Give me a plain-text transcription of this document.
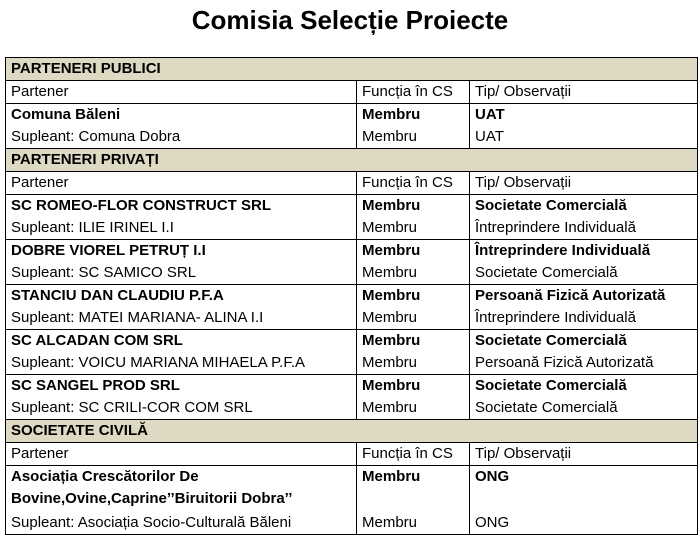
Comisia Selecție Proiecte
PARTENERI PUBLICI		
Partener	Funcția în CS	Tip/ Observații
Comuna Băleni	Membru	UAT
Supleant: Comuna Dobra	Membru	UAT
PARTENERI PRIVAȚI		
Partener	Funcția în CS	Tip/ Observații
SC ROMEO-FLOR CONSTRUCT SRL	Membru	Societate Comercială
Supleant: ILIE IRINEL I.I	Membru	Întreprindere Individuală
DOBRE VIOREL PETRUȚ I.I	Membru	Întreprindere Individuală
Supleant: SC SAMICO SRL	Membru	Societate Comercială
STANCIU DAN CLAUDIU P.F.A	Membru	Persoană Fizică Autorizată
Supleant: MATEI MARIANA- ALINA I.I	Membru	Întreprindere Individuală
SC ALCADAN COM SRL	Membru	Societate Comercială
Supleant: VOICU MARIANA MIHAELA P.F.A	Membru	Persoană Fizică Autorizată
SC SANGEL PROD SRL	Membru	Societate Comercială
Supleant: SC CRILI-COR COM SRL	Membru	Societate Comercială
SOCIETATE CIVILĂ		
Partener	Funcția în CS	Tip/ Observații
Asociația Crescătorilor De Bovine,Ovine,Caprine’’Biruitorii Dobra’’	Membru	ONG
Supleant: Asociația Socio-Culturală Băleni	Membru	ONG
